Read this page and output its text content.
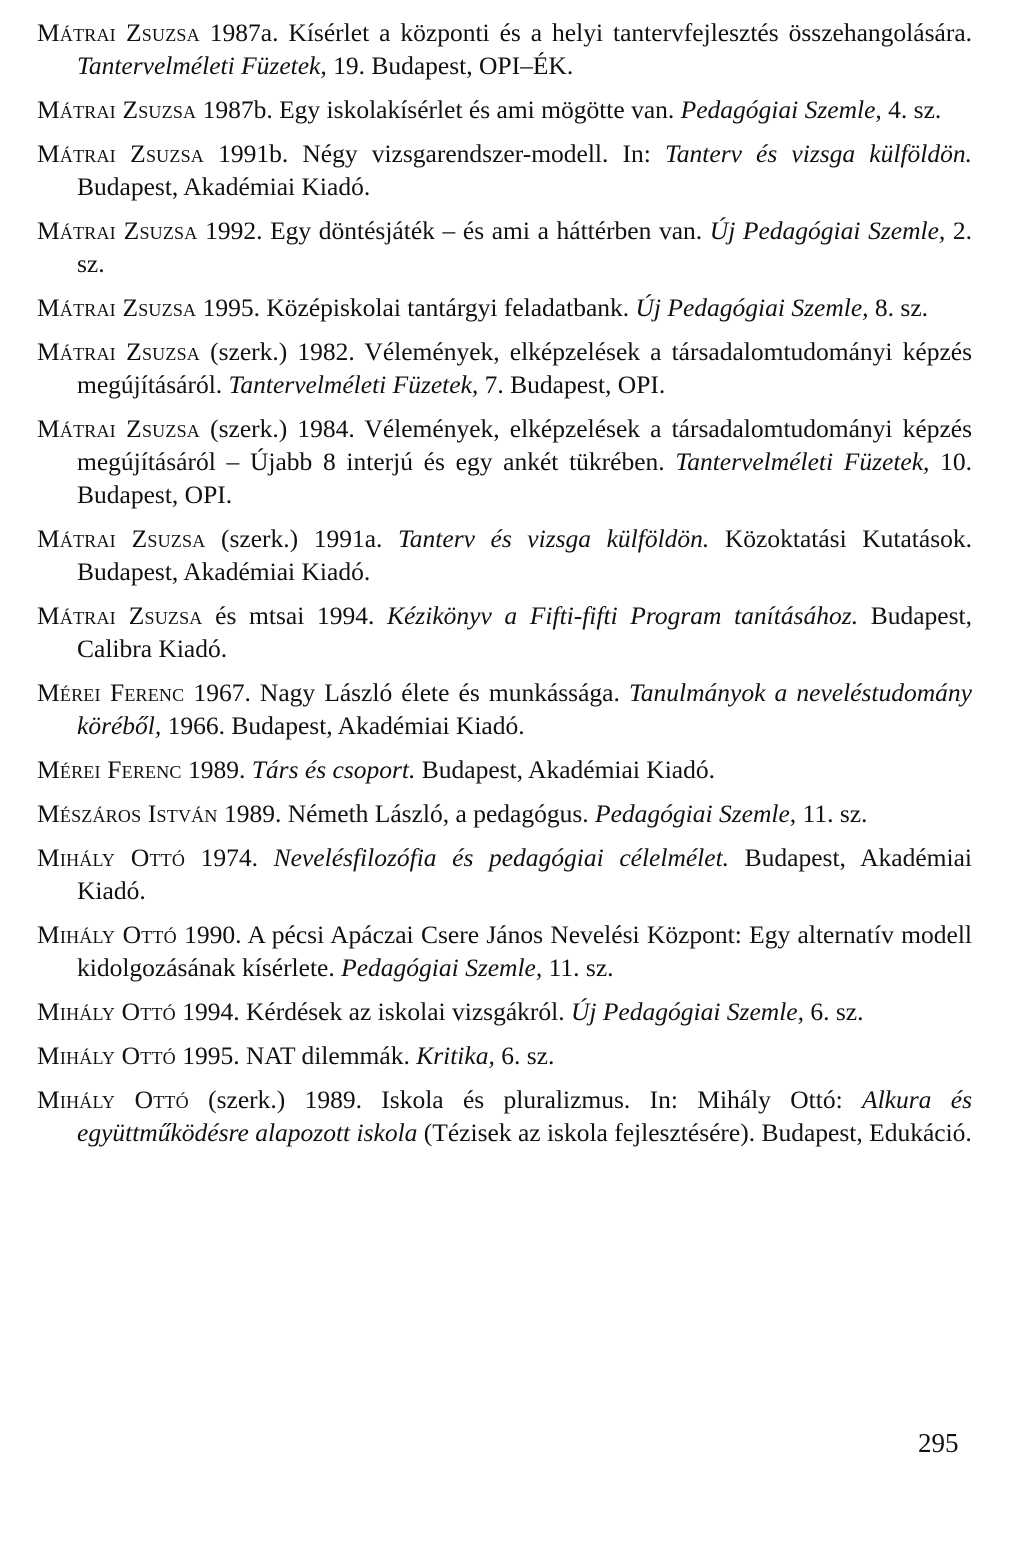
Mátrai Zsuzsa 1987a. Kísérlet a központi és a helyi tantervfejlesztés összehangolására. Tantervelméleti Füzetek, 19. Budapest, OPI–ÉK.

Mátrai Zsuzsa 1987b. Egy iskolakísérlet és ami mögötte van. Pedagógiai Szemle, 4. sz.

Mátrai Zsuzsa 1991b. Négy vizsgarendszer-modell. In: Tanterv és vizsga külföldön. Budapest, Akadémiai Kiadó.

Mátrai Zsuzsa 1992. Egy döntésjáték – és ami a háttérben van. Új Pedagógiai Szemle, 2. sz.

Mátrai Zsuzsa 1995. Középiskolai tantárgyi feladatbank. Új Pedagógiai Szemle, 8. sz.

Mátrai Zsuzsa (szerk.) 1982. Vélemények, elképzelések a társadalomtudományi képzés megújításáról. Tantervelméleti Füzetek, 7. Budapest, OPI.

Mátrai Zsuzsa (szerk.) 1984. Vélemények, elképzelések a társadalomtudományi képzés megújításáról – Újabb 8 interjú és egy ankét tükrében. Tantervelméleti Füzetek, 10. Budapest, OPI.

Mátrai Zsuzsa (szerk.) 1991a. Tanterv és vizsga külföldön. Közoktatási Kutatások. Budapest, Akadémiai Kiadó.

Mátrai Zsuzsa és mtsai 1994. Kézikönyv a Fifti-fifti Program tanításához. Budapest, Calibra Kiadó.

Mérei Ferenc 1967. Nagy László élete és munkássága. Tanulmányok a neveléstudomány köréből, 1966. Budapest, Akadémiai Kiadó.

Mérei Ferenc 1989. Társ és csoport. Budapest, Akadémiai Kiadó.

Mészáros István 1989. Németh László, a pedagógus. Pedagógiai Szemle, 11. sz.

Mihály Ottó 1974. Nevelésfilozófia és pedagógiai célelmélet. Budapest, Akadémiai Kiadó.

Mihály Ottó 1990. A pécsi Apáczai Csere János Nevelési Központ: Egy alternatív modell kidolgozásának kísérlete. Pedagógiai Szemle, 11. sz.

Mihály Ottó 1994. Kérdések az iskolai vizsgákról. Új Pedagógiai Szemle, 6. sz.

Mihály Ottó 1995. NAT dilemmák. Kritika, 6. sz.

Mihály Ottó (szerk.) 1989. Iskola és pluralizmus. In: Mihály Ottó: Alkura és együttműködésre alapozott iskola (Tézisek az iskola fejlesztésére). Budapest, Edukáció.

295
